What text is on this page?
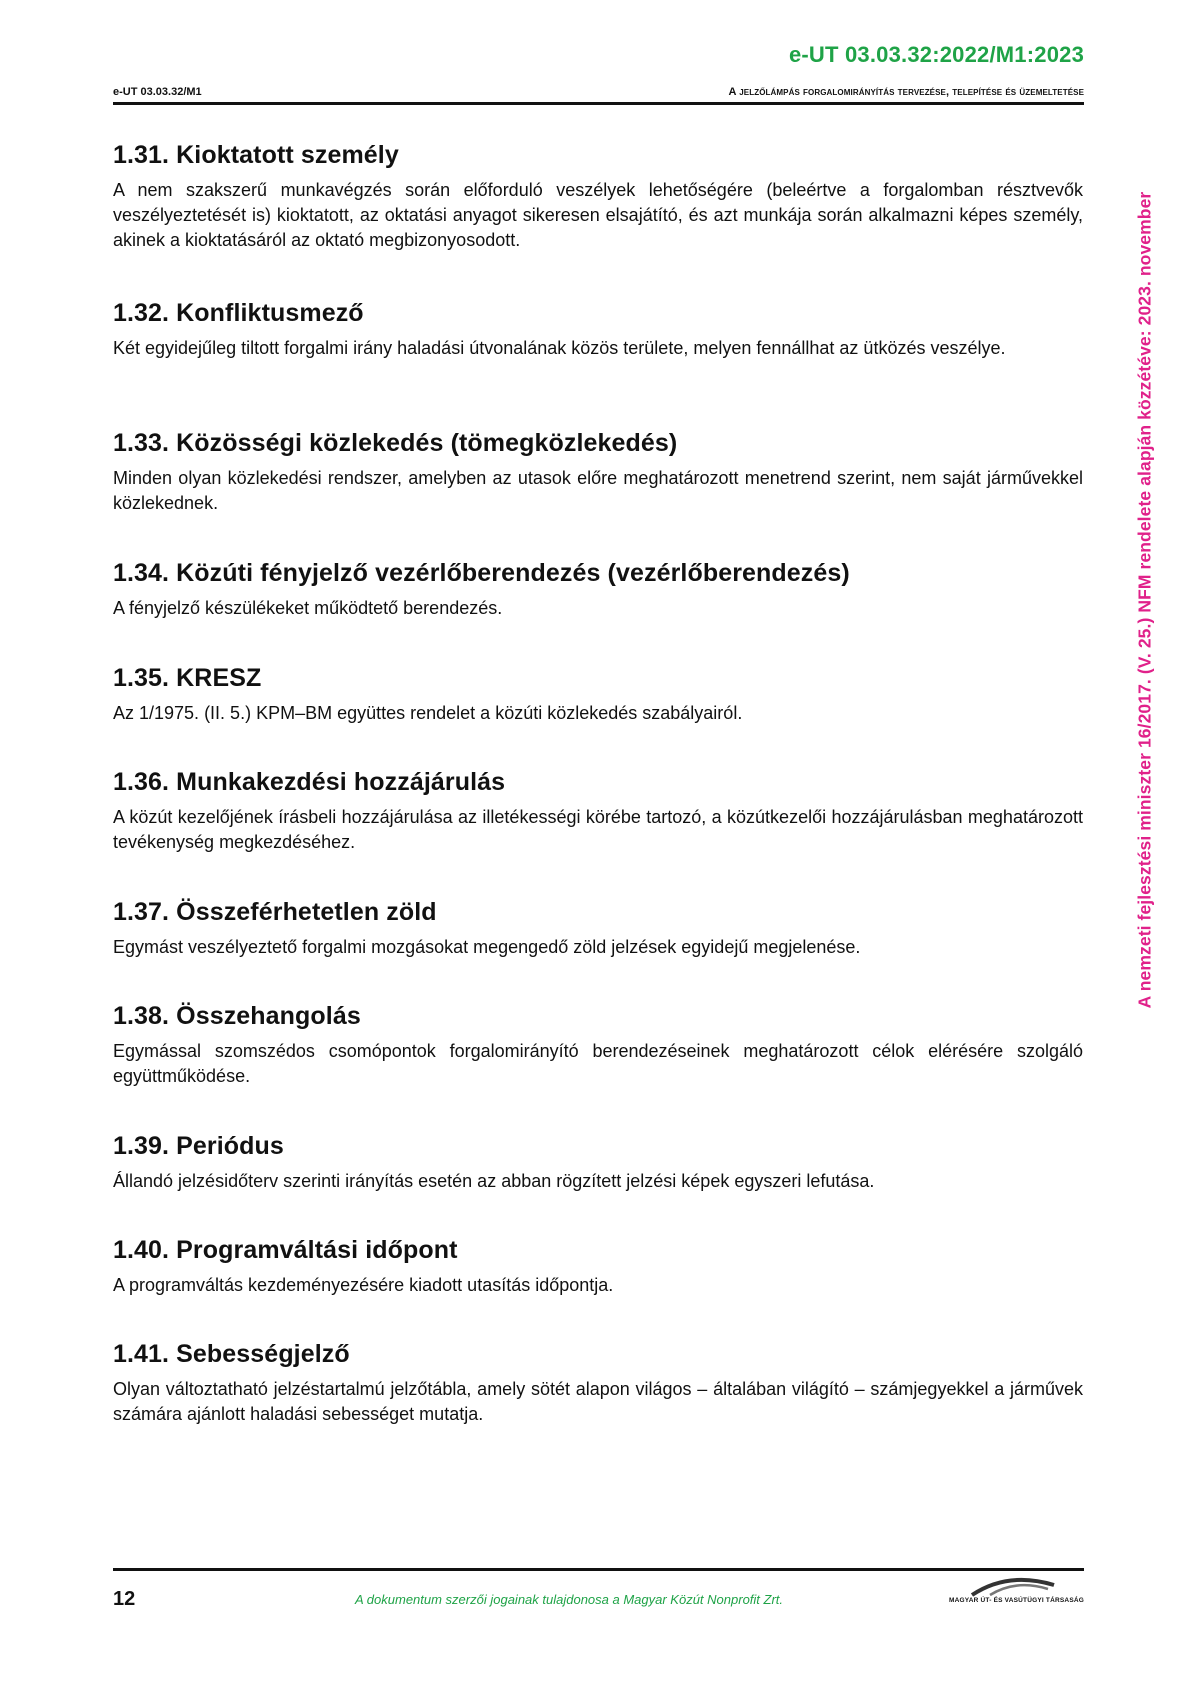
e-UT 03.03.32:2022/M1:2023
e-UT 03.03.32/M1	A jelzőlámpás forgalomirányítás tervezése, telepítése és üzemeltetése
1.31. Kioktatott személy

A nem szakszerű munkavégzés során előforduló veszélyek lehetőségére (beleértve a forgalomban résztvevők veszélyeztetését is) kioktatott, az oktatási anyagot sikeresen elsajátító, és azt munkája során alkalmazni képes személy, akinek a kioktatásáról az oktató megbizonyosodott.

1.32. Konfliktusmező

Két egyidejűleg tiltott forgalmi irány haladási útvonalának közös területe, melyen fennállhat az ütközés veszélye.

1.33. Közösségi közlekedés (tömegközlekedés)

Minden olyan közlekedési rendszer, amelyben az utasok előre meghatározott menetrend szerint, nem saját járművekkel közlekednek.

1.34. Közúti fényjelző vezérlőberendezés (vezérlőberendezés)

A fényjelző készülékeket működtető berendezés.

1.35. KRESZ

Az 1/1975. (II. 5.) KPM–BM együttes rendelet a közúti közlekedés szabályairól.

1.36. Munkakezdési hozzájárulás

A közút kezelőjének írásbeli hozzájárulása az illetékességi körébe tartozó, a közútkezelői hozzájárulásban meghatározott tevékenység megkezdéséhez.

1.37. Összeférhetetlen zöld

Egymást veszélyeztető forgalmi mozgásokat megengedő zöld jelzések egyidejű megjelenése.

1.38. Összehangolás

Egymással szomszédos csomópontok forgalomirányító berendezéseinek meghatározott célok elérésére szolgáló együttműködése.

1.39. Periódus

Állandó jelzésidőterv szerinti irányítás esetén az abban rögzített jelzési képek egyszeri lefutása.

1.40. Programváltási időpont

A programváltás kezdeményezésére kiadott utasítás időpontja.

1.41. Sebességjelző

Olyan változtatható jelzéstartalmú jelzőtábla, amely sötét alapon világos – általában világító – számjegyekkel a járművek számára ajánlott haladási sebességet mutatja.

A nemzeti fejlesztési miniszter 16/2017. (V. 25.) NFM rendelete alapján közzétéve: 2023. november
12	A dokumentum szerzői jogainak tulajdonosa a Magyar Közút Nonprofit Zrt.	MAGYAR ÚT- ÉS VASÚTÜGYI TÁRSASÁG
